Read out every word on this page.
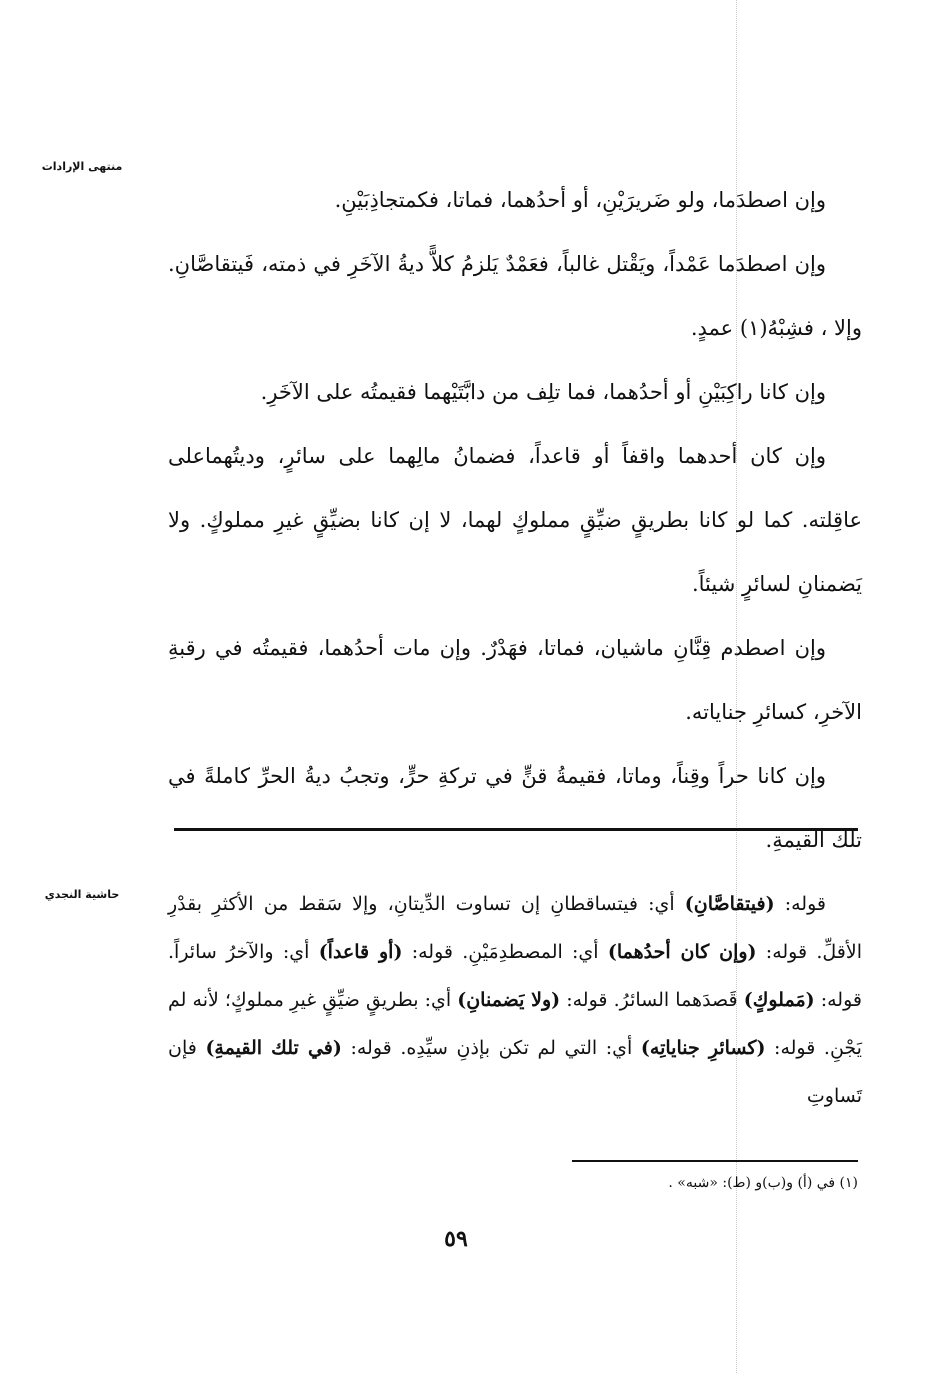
منتهى الإرادات
حاشية النجدي

وإن اصطدَما، ولو ضَريرَيْنِ، أو أحدُهما، فماتا، فكمتجاذِبَيْنِ.

وإن اصطدَما عَمْداً، ويَقْتل غالباً، فعَمْدٌ يَلزمُ كلاًّ ديةُ الآخَرِ في ذمته، فَيتقاصَّانِ. وإلا ، فشِبْهُ(١) عمدٍ.

وإن كانا راكِبَيْنِ أو أحدُهما، فما تلِف من دابَّتَيْهما فقيمتُه على الآخَرِ.

وإن كان أحدهما واقفاً أو قاعداً، فضمانُ مالِهما على سائرٍ، وديتُهماعلى عاقِلته. كما لو كانا بطريقٍ ضيِّقٍ مملوكٍ لهما، لا إن كانا بضيِّقٍ غيرِ مملوكٍ. ولا يَضمنانِ لسائرٍ شيئاً.

وإن اصطدم قِنَّانِ ماشيان، فماتا، فهَدْرٌ. وإن مات أحدُهما، فقيمتُه في رقبةِ الآخرِ، كسائرِ جناياته.

وإن كانا حراً وقِناً، وماتا، فقيمةُ قنٍّ في تركةِ حرٍّ، وتجبُ ديةُ الحرِّ كاملةً في تلك القيمةِ.

قوله: (فيتقاصَّانِ) أي: فيتساقطانِ إن تساوت الدِّيتانِ، وإلا سَقط من الأكثرِ بقدْرِ الأقلِّ. قوله: (وإن كان أحدُهما) أي: المصطدِمَيْنِ. قوله: (أو قاعداً) أي: والآخرُ سائراً. قوله: (مَملوكٍ) قَصدَهما السائرُ. قوله: (ولا يَضمنانِ) أي: بطريقٍ ضيِّقٍ غيرِ مملوكٍ؛ لأنه لم يَجْنِ. قوله: (كسائرِ جناياتِه) أي: التي لم تكن بإذنِ سيِّدِه. قوله: (في تلك القيمةِ) فإن تَساوتِ
(١) في (أ) و(ب)و (ط): «شبه» .
٥٩
